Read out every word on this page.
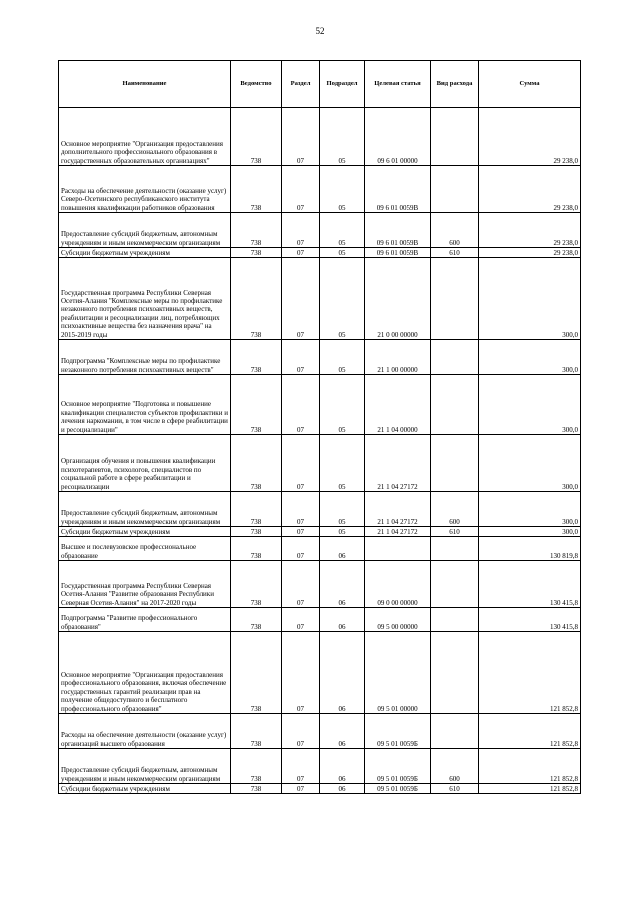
52
Наименование	Ведомство	Раздел	Подраздел	Целевая статья	Вид расхода	Сумма
Основное мероприятие "Организация предоставления дополнительного профессионального образования в государственных образовательных организациях"	738	07	05	09 6 01 00000		29 238,0
Расходы на обеспечение деятельности (оказание услуг) Северо-Осетинского республиканского института повышения квалификации работников образования	738	07	05	09 6 01 0059В		29 238,0
Предоставление субсидий бюджетным, автономным учреждениям и иным некоммерческим организациям	738	07	05	09 6 01 0059В	600	29 238,0
Субсидии бюджетным учреждениям	738	07	05	09 6 01 0059В	610	29 238,0
Государственная программа Республики Северная Осетия-Алания "Комплексные меры по профилактике незаконного потребления психоактивных веществ, реабилитации и ресоциализации лиц, потребляющих психоактивные вещества без назначения врача" на 2015-2019 годы	738	07	05	21 0 00 00000		300,0
Подпрограмма "Комплексные меры по профилактике незаконного потребления психоактивных веществ"	738	07	05	21 1 00 00000		300,0
Основное мероприятие "Подготовка и повышение квалификации специалистов субъектов профилактики и лечения наркомании, в том числе в сфере реабилитации и ресоциализации"	738	07	05	21 1 04 00000		300,0
Организация обучения и повышения квалификации психотерапевтов, психологов, специалистов по социальной работе в сфере реабилитации и ресоциализации	738	07	05	21 1 04 27172		300,0
Предоставление субсидий бюджетным, автономным учреждениям и иным некоммерческим организациям	738	07	05	21 1 04 27172	600	300,0
Субсидии бюджетным учреждениям	738	07	05	21 1 04 27172	610	300,0
Высшее и послевузовское профессиональное образование	738	07	06			130 819,8
Государственная программа Республики Северная Осетия-Алания "Развитие образования Республики Северная Осетия-Алания" на 2017-2020 годы	738	07	06	09 0 00 00000		130 415,8
Подпрограмма "Развитие профессионального образования"	738	07	06	09 5 00 00000		130 415,8
Основное мероприятие "Организация предоставления профессионального образования, включая обеспечение государственных гарантий реализации прав на получение общедоступного и бесплатного профессионального образования"	738	07	06	09 5 01 00000		121 852,8
Расходы на обеспечение деятельности (оказание услуг) организаций высшего образования	738	07	06	09 5 01 0059Б		121 852,8
Предоставление субсидий бюджетным, автономным учреждениям и иным некоммерческим организациям	738	07	06	09 5 01 0059Б	600	121 852,8
Субсидии бюджетным учреждениям	738	07	06	09 5 01 0059Б	610	121 852,8
